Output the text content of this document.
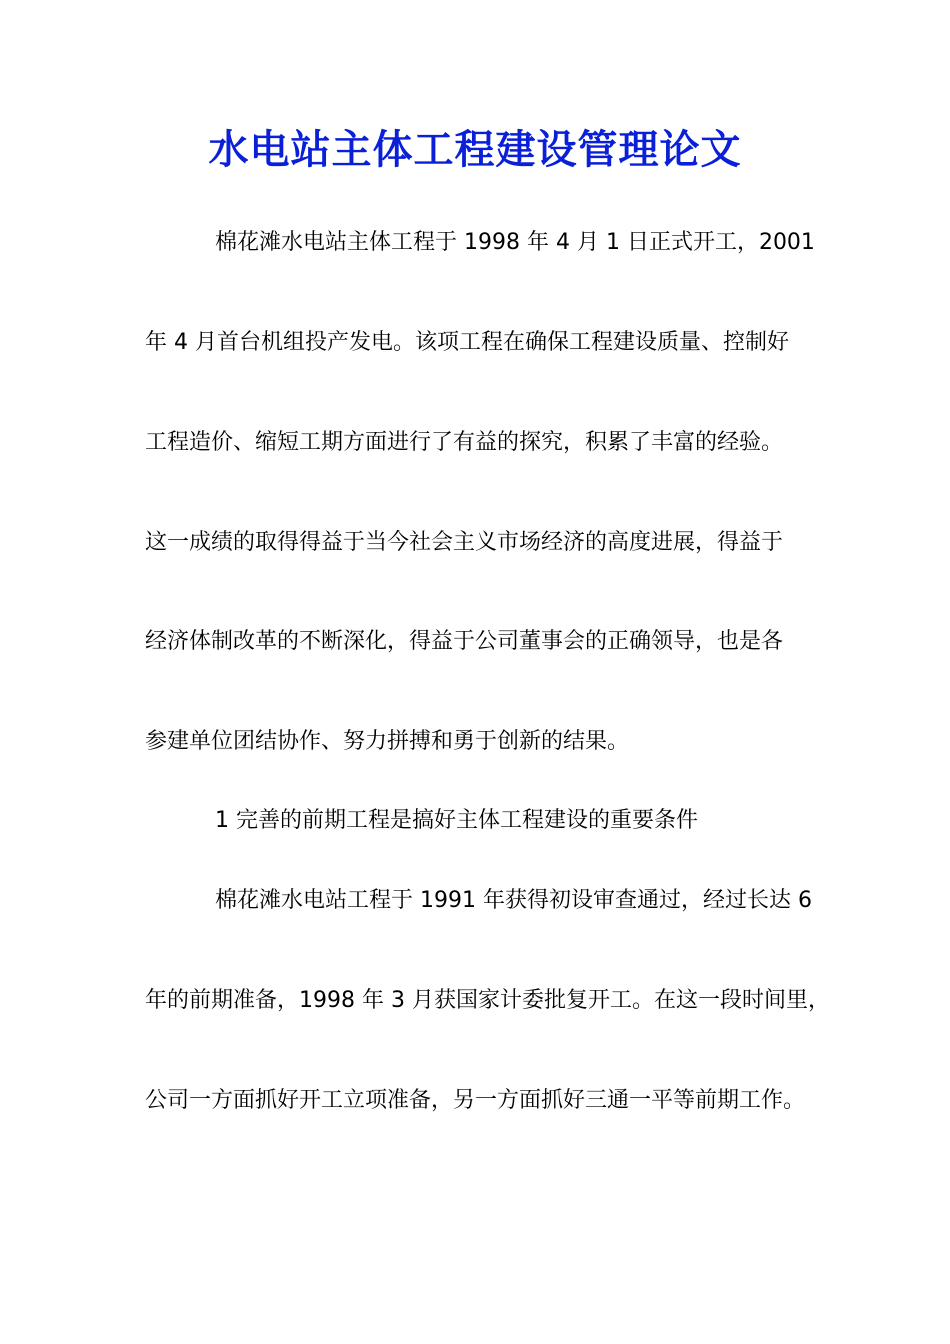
水电站主体工程建设管理论文

棉花滩水电站主体工程于 1998 年 4 月 1 日正式开工，2001

年 4 月首台机组投产发电。该项工程在确保工程建设质量、控制好

工程造价、缩短工期方面进行了有益的探究，积累了丰富的经验。

这一成绩的取得得益于当今社会主义市场经济的高度进展，得益于

经济体制改革的不断深化，得益于公司董事会的正确领导，也是各

参建单位团结协作、努力拼搏和勇于创新的结果。

1 完善的前期工程是搞好主体工程建设的重要条件

棉花滩水电站工程于 1991 年获得初设审查通过，经过长达 6

年的前期准备，1998 年 3 月获国家计委批复开工。在这一段时间里，

公司一方面抓好开工立项准备，另一方面抓好三通一平等前期工作。
